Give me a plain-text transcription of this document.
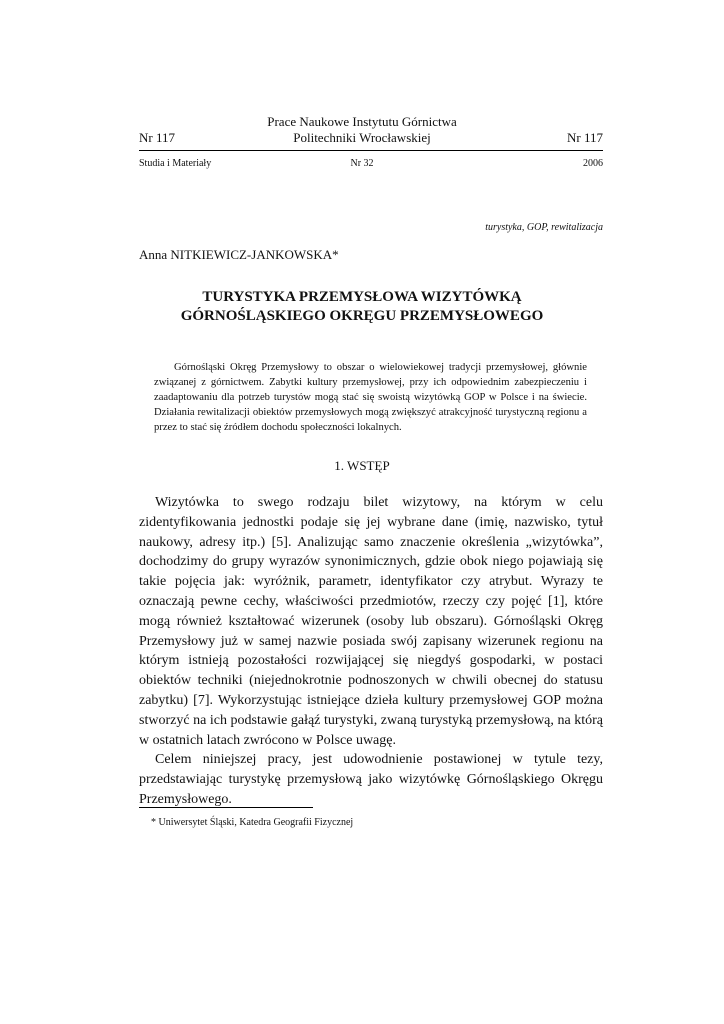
Prace Naukowe Instytutu Górnictwa
Nr 117	Politechniki Wrocławskiej	Nr 117
Studia i Materiały	Nr 32	2006
turystyka, GOP, rewitalizacja
Anna NITKIEWICZ-JANKOWSKA*
TURYSTYKA PRZEMYSŁOWA WIZYTÓWKĄ
GÓRNOŚLĄSKIEGO OKRĘGU PRZEMYSŁOWEGO

Górnośląski Okręg Przemysłowy to obszar o wielowiekowej tradycji przemysłowej, głównie związanej z górnictwem. Zabytki kultury przemysłowej, przy ich odpowiednim zabezpieczeniu i zaadaptowaniu dla potrzeb turystów mogą stać się swoistą wizytówką GOP w Polsce i na świecie. Działania rewitalizacji obiektów przemysłowych mogą zwiększyć atrakcyjność turystyczną regionu a przez to stać się źródłem dochodu społeczności lokalnych.

1. WSTĘP

Wizytówka to swego rodzaju bilet wizytowy, na którym w celu zidentyfikowania jednostki podaje się jej wybrane dane (imię, nazwisko, tytuł naukowy, adresy itp.) [5]. Analizując samo znaczenie określenia „wizytówka”, dochodzimy do grupy wyrazów synonimicznych, gdzie obok niego pojawiają się takie pojęcia jak: wyróżnik, parametr, identyfikator czy atrybut. Wyrazy te oznaczają pewne cechy, właściwości przedmiotów, rzeczy czy pojęć [1], które mogą również kształtować wizerunek (osoby lub obszaru). Górnośląski Okręg Przemysłowy już w samej nazwie posiada swój zapisany wizerunek regionu na którym istnieją pozostałości rozwijającej się niegdyś gospodarki, w postaci obiektów techniki (niejednokrotnie podnoszonych w chwili obecnej do statusu zabytku) [7]. Wykorzystując istniejące dzieła kultury przemysłowej GOP można stworzyć na ich podstawie gałąź turystyki, zwaną turystyką przemysłową, na którą w ostatnich latach zwrócono w Polsce uwagę.

Celem niniejszej pracy, jest udowodnienie postawionej w tytule tezy, przedstawiając turystykę przemysłową jako wizytówkę Górnośląskiego Okręgu Przemysłowego.

* Uniwersytet Śląski, Katedra Geografii Fizycznej
